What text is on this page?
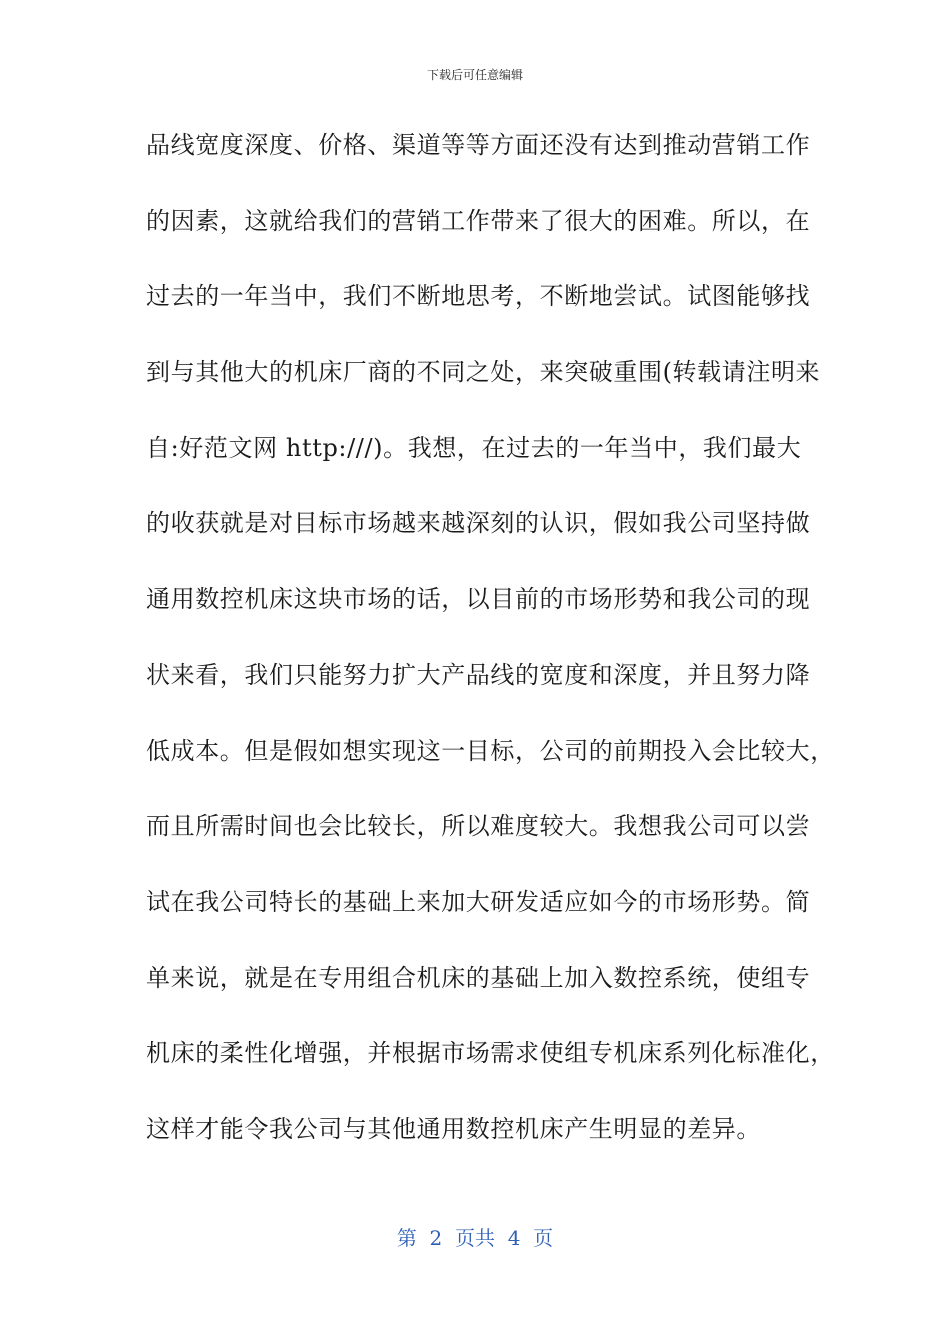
下载后可任意编辑
品线宽度深度、价格、渠道等等方面还没有达到推动营销工作
的因素，这就给我们的营销工作带来了很大的困难。所以，在
过去的一年当中，我们不断地思考，不断地尝试。试图能够找
到与其他大的机床厂商的不同之处，来突破重围(转载请注明来
自:好范文网 http:///)。我想，在过去的一年当中，我们最大
的收获就是对目标市场越来越深刻的认识，假如我公司坚持做
通用数控机床这块市场的话，以目前的市场形势和我公司的现
状来看，我们只能努力扩大产品线的宽度和深度，并且努力降
低成本。但是假如想实现这一目标，公司的前期投入会比较大，
而且所需时间也会比较长，所以难度较大。我想我公司可以尝
试在我公司特长的基础上来加大研发适应如今的市场形势。简
单来说，就是在专用组合机床的基础上加入数控系统，使组专
机床的柔性化增强，并根据市场需求使组专机床系列化标准化，
这样才能令我公司与其他通用数控机床产生明显的差异。
第  2  页共  4  页
